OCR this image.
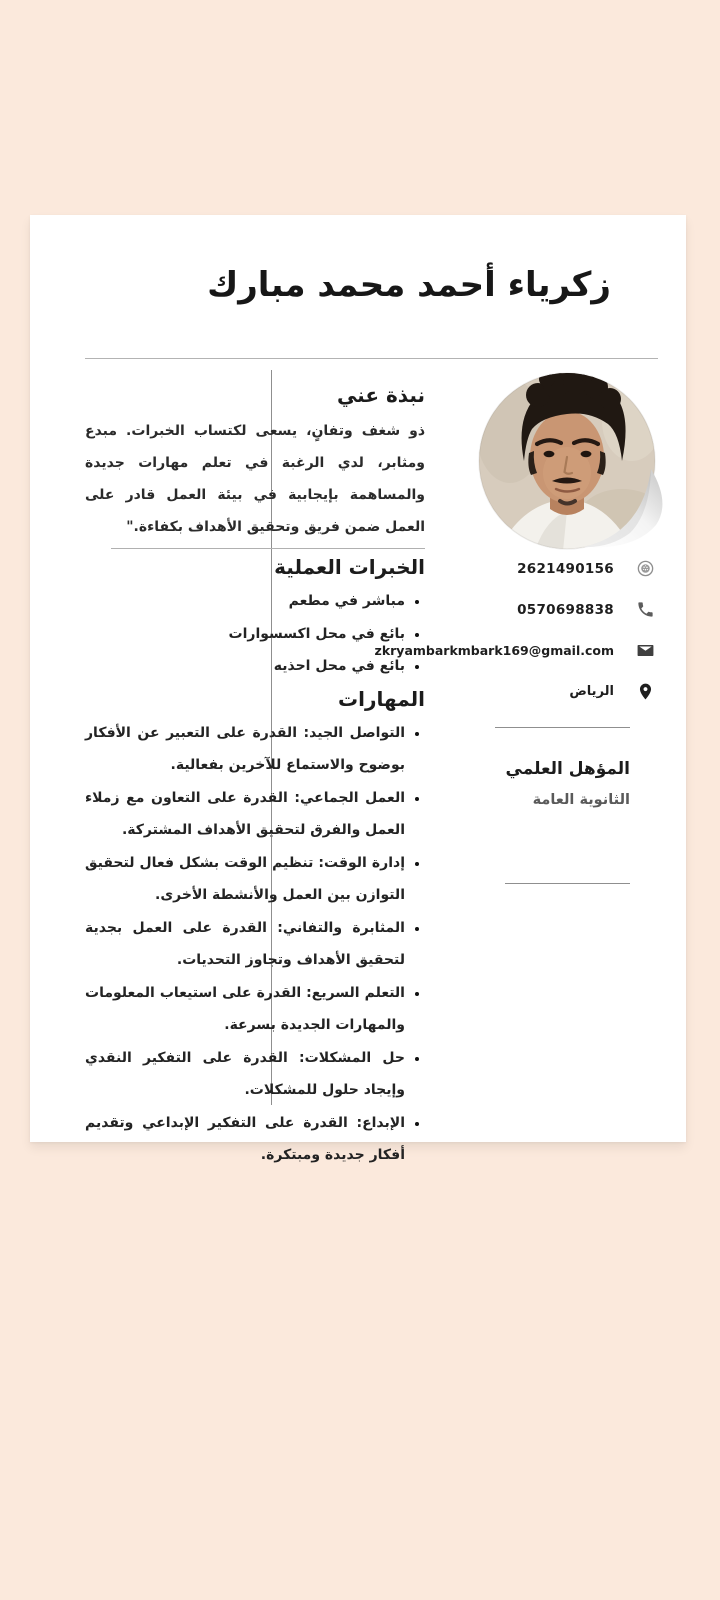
زكرياء أحمد محمد مبارك
نبذة عني

ذو شغف وتفانٍ، يسعى لكتساب الخبرات. مبدع ومثابر، لدي الرغبة في تعلم مهارات جديدة والمساهمة بإيجابية في بيئة العمل قادر على العمل ضمن فريق وتحقيق الأهداف بكفاءة."

الخبرات العملية
• مباشر في مطعم
• بائع في محل اكسسوارات
• بائع في محل احذيه
المهارات
• التواصل الجيد: القدرة على التعبير عن الأفكار بوضوح والاستماع للآخرين بفعالية.
• العمل الجماعي: القدرة على التعاون مع زملاء العمل والفرق لتحقيق الأهداف المشتركة.
• إدارة الوقت: تنظيم الوقت بشكل فعال لتحقيق التوازن بين العمل والأنشطة الأخرى.
• المثابرة والتفاني: القدرة على العمل بجدية لتحقيق الأهداف وتجاوز التحديات.
• التعلم السريع: القدرة على استيعاب المعلومات والمهارات الجديدة بسرعة.
• حل المشكلات: القدرة على التفكير النقدي وإيجاد حلول للمشكلات.
• الإبداع: القدرة على التفكير الإبداعي وتقديم أفكار جديدة ومبتكرة.
2621490156
0570698838
zkryambarkmbark169@gmail.com
الرياض
المؤهل العلمي

الثانوية العامة
